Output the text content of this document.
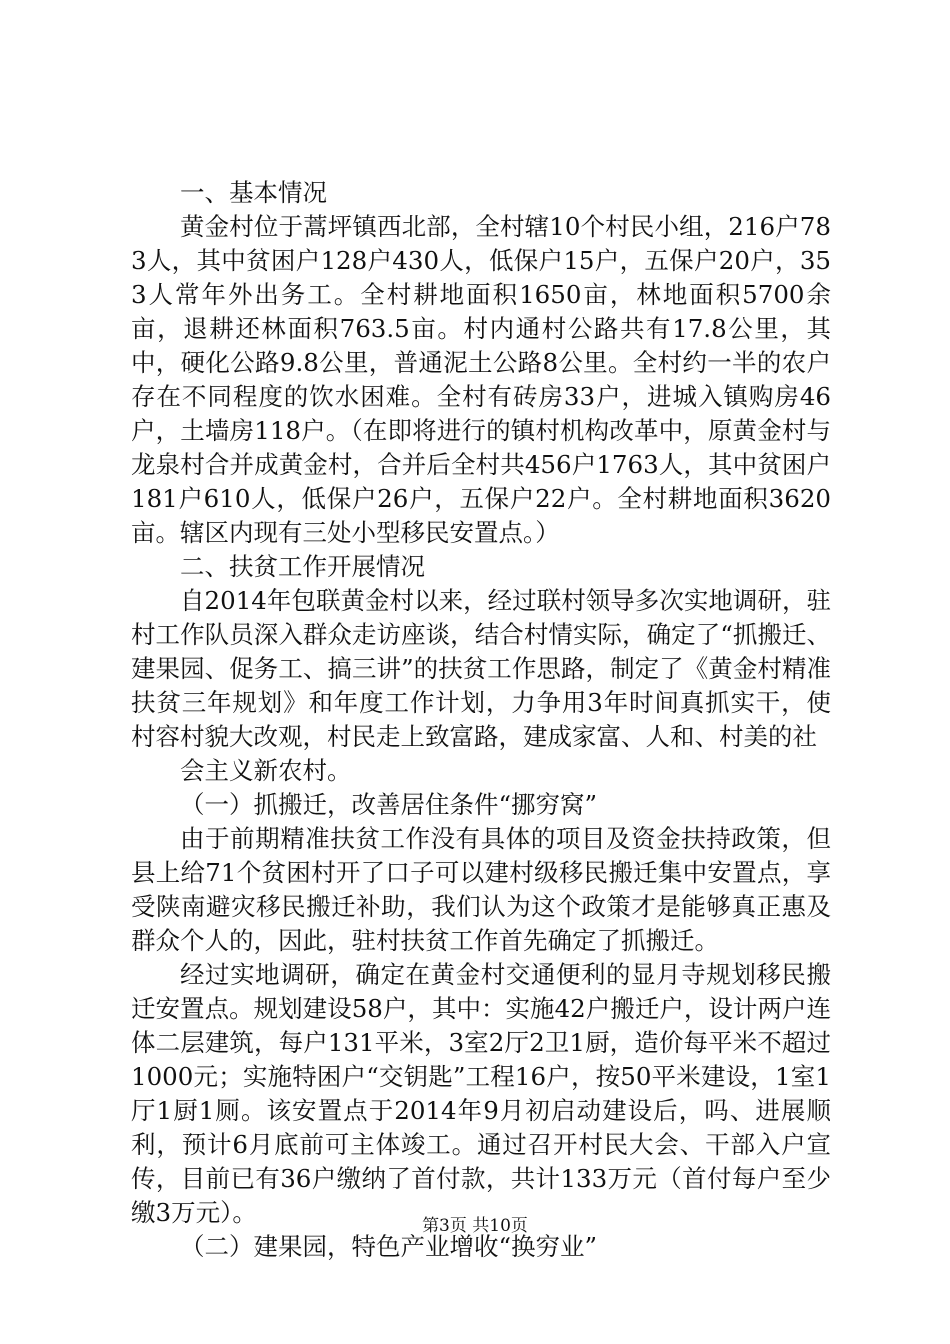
一、基本情况

黄金村位于蒿坪镇西北部，全村辖10个村民小组，216户783人，其中贫困户128户430人，低保户15户，五保户20户，353人常年外出务工。全村耕地面积1650亩，林地面积5700余亩，退耕还林面积763.5亩。村内通村公路共有17.8公里，其中，硬化公路9.8公里，普通泥土公路8公里。全村约一半的农户存在不同程度的饮水困难。全村有砖房33户，进城入镇购房46户，土墙房118户。（在即将进行的镇村机构改革中，原黄金村与龙泉村合并成黄金村，合并后全村共456户1763人，其中贫困户181户610人，低保户26户，五保户22户。全村耕地面积3620亩。辖区内现有三处小型移民安置点。）

二、扶贫工作开展情况

自2014年包联黄金村以来，经过联村领导多次实地调研，驻村工作队员深入群众走访座谈，结合村情实际，确定了“抓搬迁、建果园、促务工、搞三讲”的扶贫工作思路，制定了《黄金村精准扶贫三年规划》和年度工作计划，力争用3年时间真抓实干，使村容村貌大改观，村民走上致富路，建成家富、人和、村美的社

会主义新农村。

（一）抓搬迁，改善居住条件“挪穷窝”

由于前期精准扶贫工作没有具体的项目及资金扶持政策，但县上给71个贫困村开了口子可以建村级移民搬迁集中安置点，享受陕南避灾移民搬迁补助，我们认为这个政策才是能够真正惠及群众个人的，因此，驻村扶贫工作首先确定了抓搬迁。

经过实地调研，确定在黄金村交通便利的显月寺规划移民搬迁安置点。规划建设58户，其中：实施42户搬迁户，设计两户连体二层建筑，每户131平米，3室2厅2卫1厨，造价每平米不超过1000元；实施特困户“交钥匙”工程16户，按50平米建设，1室1厅1厨1厕。该安置点于2014年9月初启动建设后，吗、进展顺利，预计6月底前可主体竣工。通过召开村民大会、干部入户宣传，目前已有36户缴纳了首付款，共计133万元（首付每户至少缴3万元）。

（二）建果园，特色产业增收“换穷业”

第3页 共10页
